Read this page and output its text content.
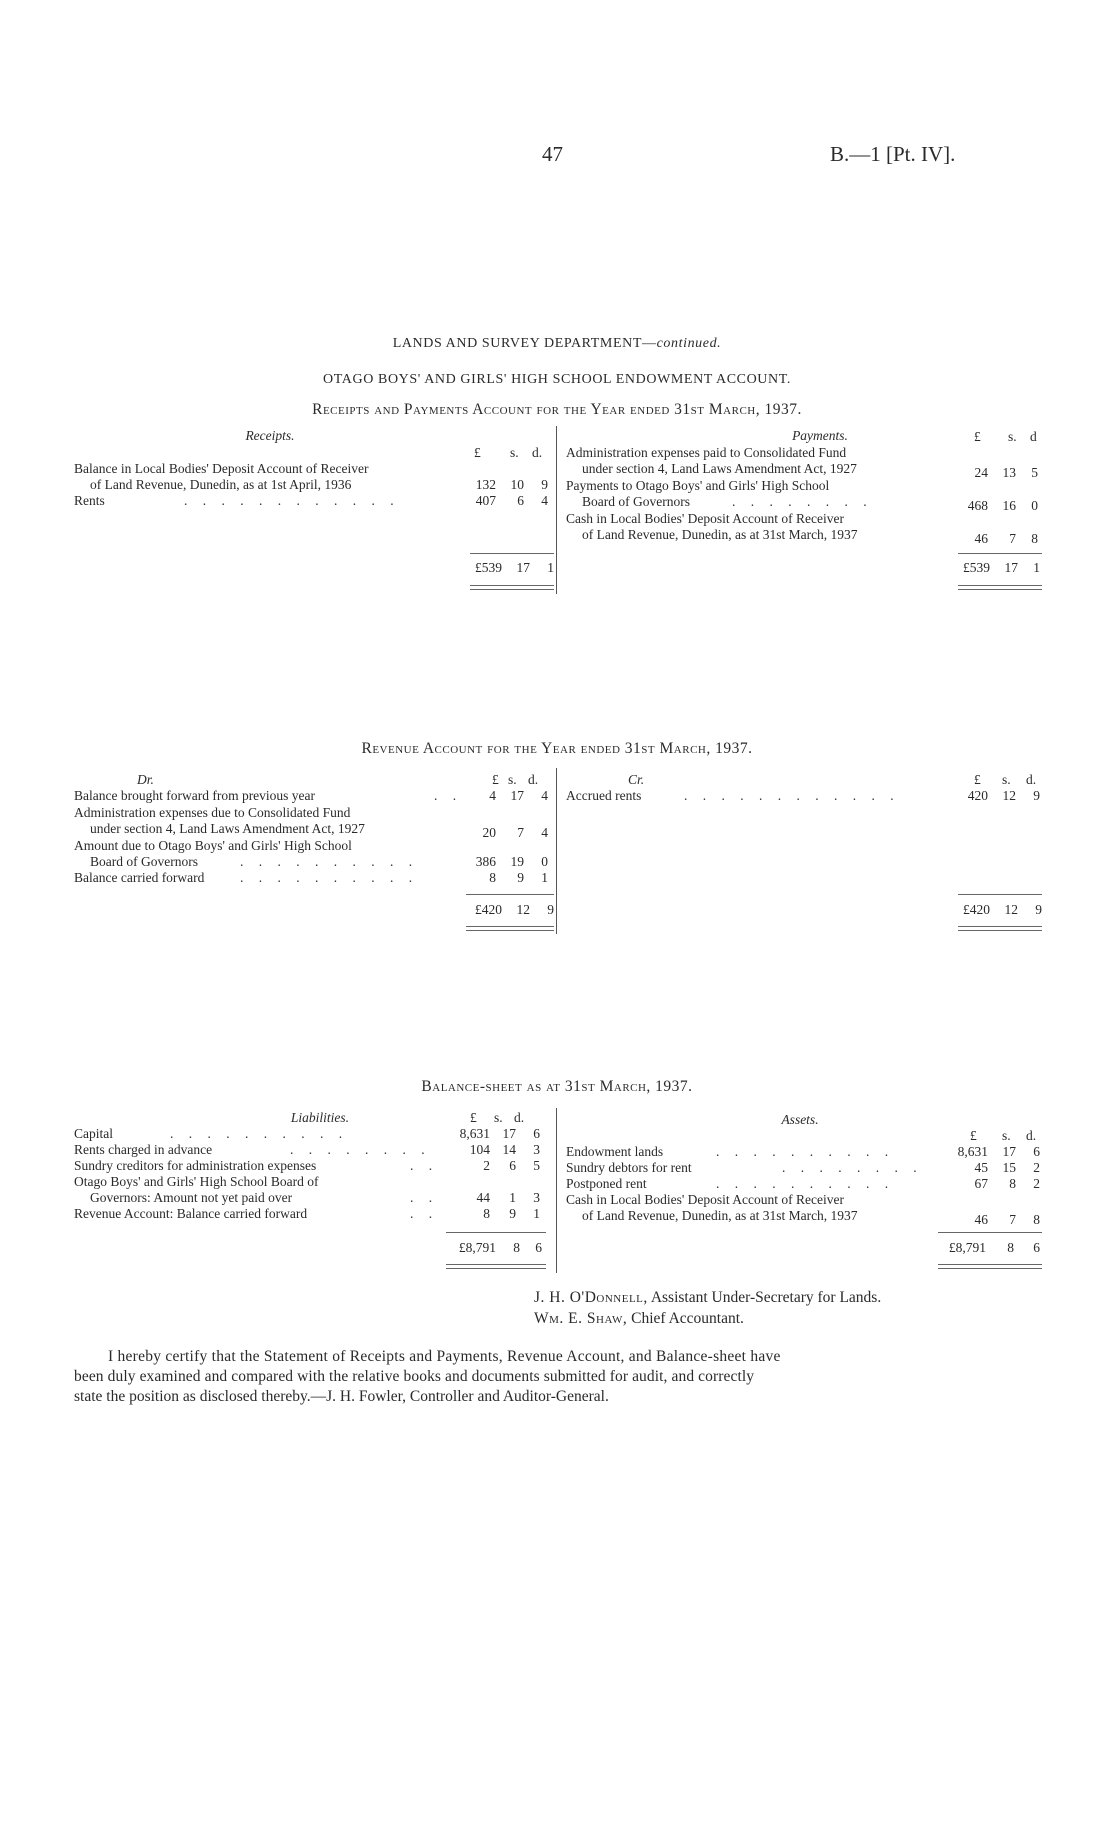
47	B.—1 [Pt. IV].
LANDS AND SURVEY DEPARTMENT—continued.
OTAGO BOYS' AND GIRLS' HIGH SCHOOL ENDOWMENT ACCOUNT.
Receipts and Payments Account for the Year ended 31st March, 1937.
Receipts.	Payments.
£ s. d.
£ s. d
Balance in Local Bodies' Deposit Account of Receiver
of Land Revenue, Dunedin, as at 1st April, 1936	132	10	9
Rents	. . . . . . . . . . . .	407	6	4
£539	17	1
Administration expenses paid to Consolidated Fund
under section 4, Land Laws Amendment Act, 1927	24	13	5
Payments to Otago Boys' and Girls' High School
Board of Governors	. . . . . . . .	468	16	0
Cash in Local Bodies' Deposit Account of Receiver
of Land Revenue, Dunedin, as at 31st March, 1937	46	7	8
£539	17	1
Revenue Account for the Year ended 31st March, 1937.
Dr.	Cr.
£ s. d.	£ s. d.
Balance brought forward from previous year	. .	4	17	4
Administration expenses due to Consolidated Fund
under section 4, Land Laws Amendment Act, 1927	20	7	4
Amount due to Otago Boys' and Girls' High School
Board of Governors	. . . . . . . . . .	386	19	0
Balance carried forward	. . . . . . . . . .	8	9	1
£420	12	9
Accrued rents	. . . . . . . . . . . .	420	12	9
£420	12	9
Balance-sheet as at 31st March, 1937.
Liabilities.	Assets.
£ s. d.
£ s. d.
Capital	. . . . . . . . . .	8,631 17	6
Rents charged in advance	. . . . . . . .	104 14	3
Sundry creditors for administration expenses	. .	2	6	5
Otago Boys' and Girls' High School Board of
Governors: Amount not yet paid over	. .	44	1	3
Revenue Account: Balance carried forward	. .	8	9	1
£8,791	8	6
Endowment lands	. . . . . . . . . .	8,631	17	6
Sundry debtors for rent	. . . . . . . .	45	15	2
Postponed rent	. . . . . . . . . .	67	8	2
Cash in Local Bodies' Deposit Account of Receiver
of Land Revenue, Dunedin, as at 31st March, 1937	46	7	8
£8,791	8	6
J. H. O'Donnell, Assistant Under-Secretary for Lands.
Wm. E. Shaw, Chief Accountant.
I hereby certify that the Statement of Receipts and Payments, Revenue Account, and Balance-sheet have
been duly examined and compared with the relative books and documents submitted for audit, and correctly
state the position as disclosed thereby.—J. H. Fowler, Controller and Auditor-General.
